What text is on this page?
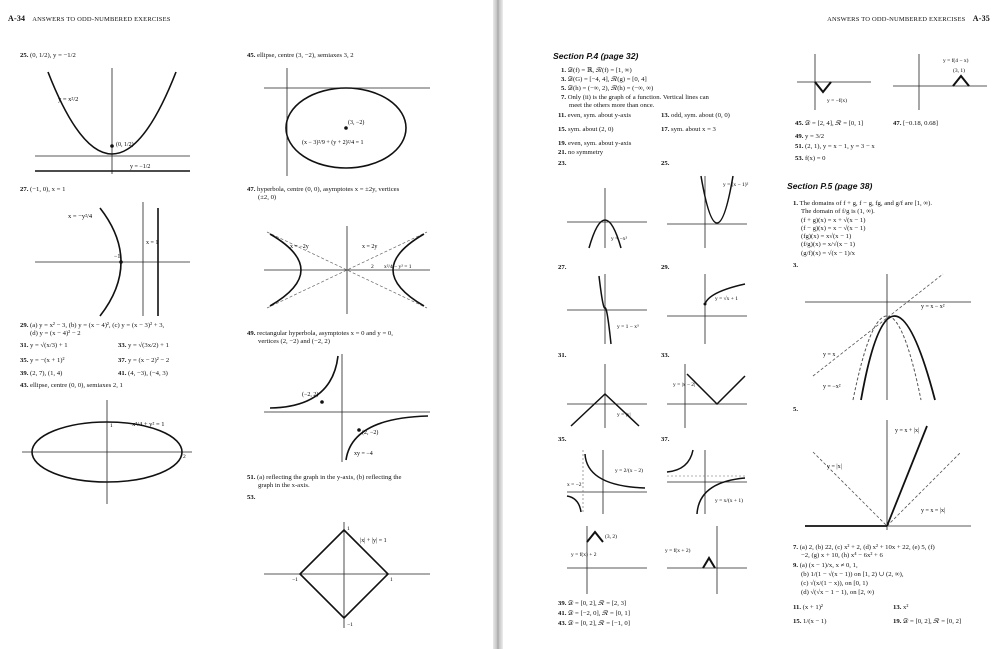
A-34 ANSWERS TO ODD-NUMBERED EXERCISES
25. (0, 1/2), y = −1/2
y = x²/2
(0, 1/2)
y = −1/2
27. (−1, 0), x = 1
x = −y²/4
x = 1
−1
29. (a) y = x² − 3, (b) y = (x − 4)², (c) y = (x − 3)² + 3,
(d) y = (x − 4)² − 2
31. y = √(x/3) + 1	33. y = √(3x/2) + 1
35. y = −(x + 1)²	37. y = (x − 2)² − 2
39. (2, 7), (1, 4)	41. (4, −3), (−4, 3)
43. ellipse, centre (0, 0), semiaxes 2, 1
x²/4 + y² = 1
1
2
45. ellipse, centre (3, −2), semiaxes 3, 2
(3, −2)
(x − 3)²/9 + (y + 2)²/4 = 1
47. hyperbola, centre (0, 0), asymptotes x = ±2y, vertices
(±2, 0)
x = −2y	x = 2y
x²/4 − y² = 1
2
49. rectangular hyperbola, asymptotes x = 0 and y = 0,
vertices (2, −2) and (−2, 2)
(−2, 2)
(2, −2)
xy = −4
51. (a) reflecting the graph in the y-axis, (b) reflecting the
graph in the x-axis.
53.
|x| + |y| = 1
1
1
−1
−1
ANSWERS TO ODD-NUMBERED EXERCISES A-35
Section P.4 (page 32)
1. 𝒟(f) = ℝ, ℛ(f) = [1, ∞)
3. 𝒟(G) = [−4, 4], ℛ(g) = [0, 4]
5. 𝒟(h) = (−∞, 2), ℛ(h) = (−∞, ∞)
7. Only (ii) is the graph of a function. Vertical lines can
meet the others more than once.
11. even, sym. about y-axis	13. odd, sym. about (0, 0)
15. sym. about (2, 0)	17. sym. about x = 3
19. even, sym. about y-axis
21. no symmetry
23.	25.
y = −x²
y = (x − 1)²
27.	29.
y = 1 − x³
y = √x + 1
31.	33.
y = |x|
y = |x − 2|
35.	37.
y = 2/(x − 2)
x = −2
y = x/(x + 1)
(3, 2)
y = f(x) + 2
y = f(x + 2)
39. 𝒟 = [0, 2], ℛ = [2, 3]
41. 𝒟 = [−2, 0], ℛ = [0, 1]
43. 𝒟 = [0, 2], ℛ = [−1, 0]
y = −f(x)
y = f(4 − x)
(3, 1)
45. 𝒟 = [2, 4], ℛ = [0, 1]	47. [−0.18, 0.68]
49. y = 3/2
51. (2, 1), y = x − 1, y = 3 − x
53. f(x) = 0
Section P.5 (page 38)
1. The domains of f + g, f − g, fg, and g/f are [1, ∞).
The domain of f/g is (1, ∞).
(f + g)(x) = x + √(x − 1)
(f − g)(x) = x − √(x − 1)
(fg)(x) = x√(x − 1)
(f/g)(x) = x/√(x − 1)
(g/f)(x) = √(x − 1)/x
3.
y = x
y = −x²
y = x − x²
5.
y = x + |x|
y = |x|
y = x = |x|
7. (a) 2, (b) 22, (c) x² + 2, (d) x² + 10x + 22, (e) 5, (f)
−2, (g) x + 10, (h) x⁴ − 6x² + 6
9. (a) (x − 1)/x, x ≠ 0, 1,
(b) 1/(1 − √(x − 1)) on [1, 2) ∪ (2, ∞),
(c) √(x/(1 − x)), on [0, 1)
(d) √(√x − 1 − 1), on [2, ∞)
11. (x + 1)²	13. x²
15. 1/(x − 1)	19. 𝒟 = [0, 2], ℛ = [0, 2]
